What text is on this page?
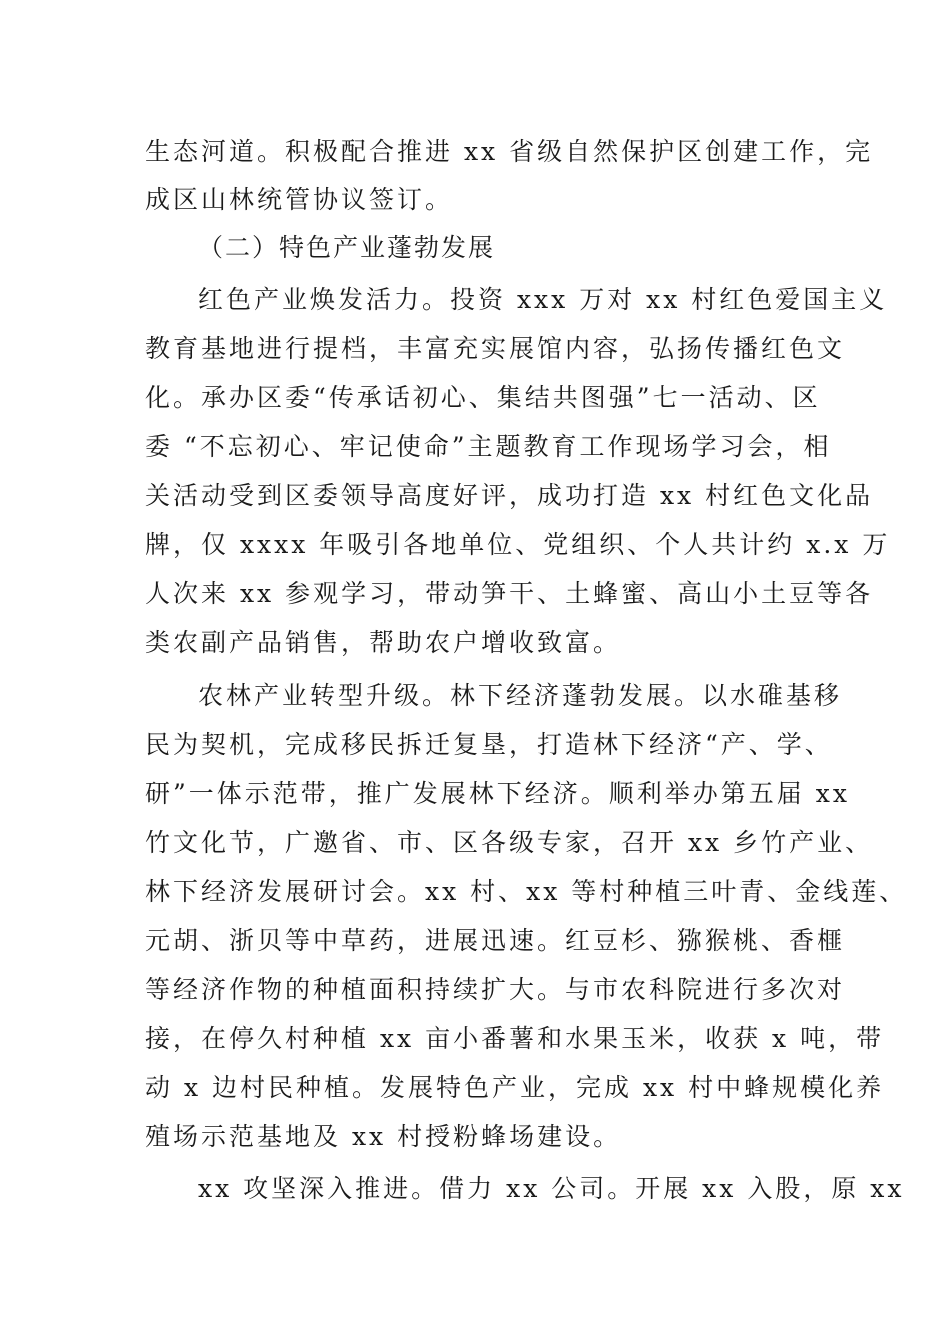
生态河道。积极配合推进 xx 省级自然保护区创建工作，完
成区山林统管协议签订。
（二）特色产业蓬勃发展
红色产业焕发活力。投资 xxx 万对 xx 村红色爱国主义
教育基地进行提档，丰富充实展馆内容，弘扬传播红色文
化。承办区委“传承话初心、集结共图强”七一活动、区
委 “不忘初心、牢记使命”主题教育工作现场学习会，相
关活动受到区委领导高度好评，成功打造 xx 村红色文化品
牌，仅 xxxx 年吸引各地单位、党组织、个人共计约 x.x 万
人次来 xx 参观学习，带动笋干、土蜂蜜、高山小土豆等各
类农副产品销售，帮助农户增收致富。
农林产业转型升级。林下经济蓬勃发展。以水碓基移
民为契机，完成移民拆迁复垦，打造林下经济“产、学、
研”一体示范带，推广发展林下经济。顺利举办第五届 xx
竹文化节，广邀省、市、区各级专家，召开 xx 乡竹产业、
林下经济发展研讨会。xx 村、xx 等村种植三叶青、金线莲、
元胡、浙贝等中草药，进展迅速。红豆杉、猕猴桃、香榧
等经济作物的种植面积持续扩大。与市农科院进行多次对
接，在停久村种植 xx 亩小番薯和水果玉米，收获 x 吨，带
动 x 边村民种植。发展特色产业，完成 xx 村中蜂规模化养
殖场示范基地及 xx 村授粉蜂场建设。
xx 攻坚深入推进。借力 xx 公司。开展 xx 入股，原 xx
